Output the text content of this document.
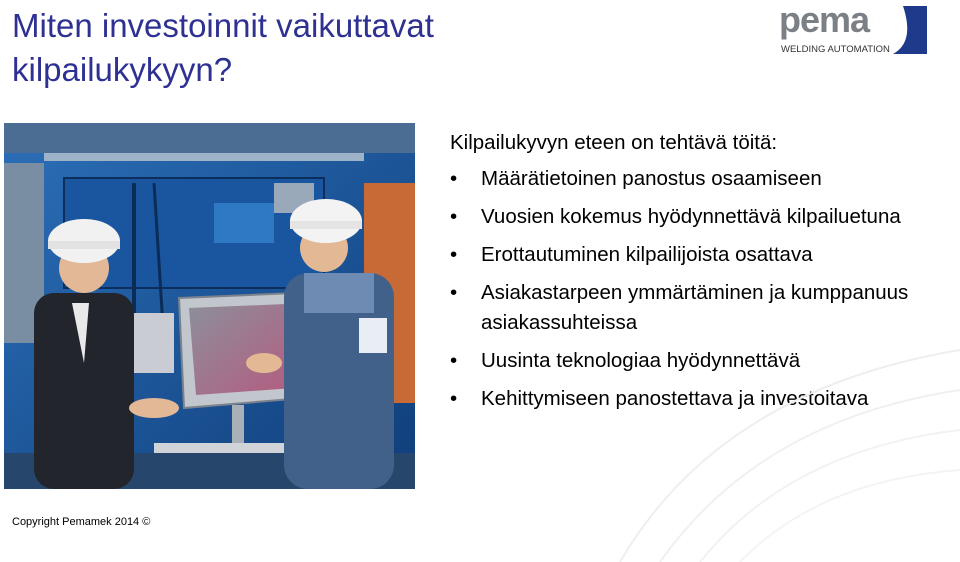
Miten investoinnit vaikuttavat kilpailukykyyn?
pema
WELDING AUTOMATION

Kilpailukyvyn eteen on tehtävä töitä:

• Määrätietoinen panostus osaamiseen
• Vuosien kokemus hyödynnettävä kilpailuetuna
• Erottautuminen kilpailijoista osattava
• Asiakastarpeen ymmärtäminen ja kumppanuus asiakassuhteissa
• Uusinta teknologiaa hyödynnettävä
• Kehittymiseen panostettava ja investoitava
Copyright Pemamek 2014 ©
